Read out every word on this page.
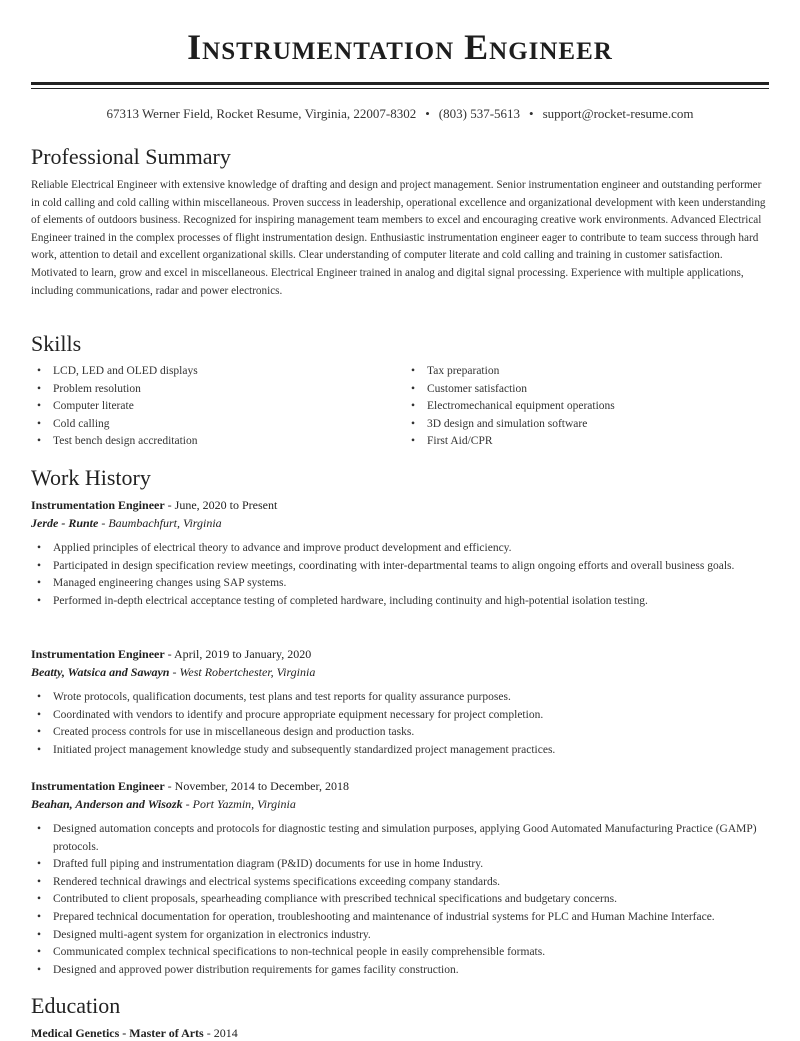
Instrumentation Engineer
67313 Werner Field, Rocket Resume, Virginia, 22007-8302 • (803) 537-5613 • support@rocket-resume.com
Professional Summary

Reliable Electrical Engineer with extensive knowledge of drafting and design and project management. Senior instrumentation engineer and outstanding performer in cold calling and cold calling within miscellaneous. Proven success in leadership, operational excellence and organizational development with keen understanding of elements of outdoors business. Recognized for inspiring management team members to excel and encouraging creative work environments. Advanced Electrical Engineer trained in the complex processes of flight instrumentation design. Enthusiastic instrumentation engineer eager to contribute to team success through hard work, attention to detail and excellent organizational skills. Clear understanding of computer literate and cold calling and training in customer satisfaction. Motivated to learn, grow and excel in miscellaneous. Electrical Engineer trained in analog and digital signal processing. Experience with multiple applications, including communications, radar and power electronics.

Skills
• LCD, LED and OLED displays
• Problem resolution
• Computer literate
• Cold calling
• Test bench design accreditation
• Tax preparation
• Customer satisfaction
• Electromechanical equipment operations
• 3D design and simulation software
• First Aid/CPR
Work History
Instrumentation Engineer - June, 2020 to Present
Jerde - Runte - Baumbachfurt, Virginia
• Applied principles of electrical theory to advance and improve product development and efficiency.
• Participated in design specification review meetings, coordinating with inter-departmental teams to align ongoing efforts and overall business goals.
• Managed engineering changes using SAP systems.
• Performed in-depth electrical acceptance testing of completed hardware, including continuity and high-potential isolation testing.
Instrumentation Engineer - April, 2019 to January, 2020
Beatty, Watsica and Sawayn - West Robertchester, Virginia
• Wrote protocols, qualification documents, test plans and test reports for quality assurance purposes.
• Coordinated with vendors to identify and procure appropriate equipment necessary for project completion.
• Created process controls for use in miscellaneous design and production tasks.
• Initiated project management knowledge study and subsequently standardized project management practices.
Instrumentation Engineer - November, 2014 to December, 2018
Beahan, Anderson and Wisozk - Port Yazmin, Virginia
• Designed automation concepts and protocols for diagnostic testing and simulation purposes, applying Good Automated Manufacturing Practice (GAMP) protocols.
• Drafted full piping and instrumentation diagram (P&ID) documents for use in home Industry.
• Rendered technical drawings and electrical systems specifications exceeding company standards.
• Contributed to client proposals, spearheading compliance with prescribed technical specifications and budgetary concerns.
• Prepared technical documentation for operation, troubleshooting and maintenance of industrial systems for PLC and Human Machine Interface.
• Designed multi-agent system for organization in electronics industry.
• Communicated complex technical specifications to non-technical people in easily comprehensible formats.
• Designed and approved power distribution requirements for games facility construction.
Education
Medical Genetics - Master of Arts - 2014
